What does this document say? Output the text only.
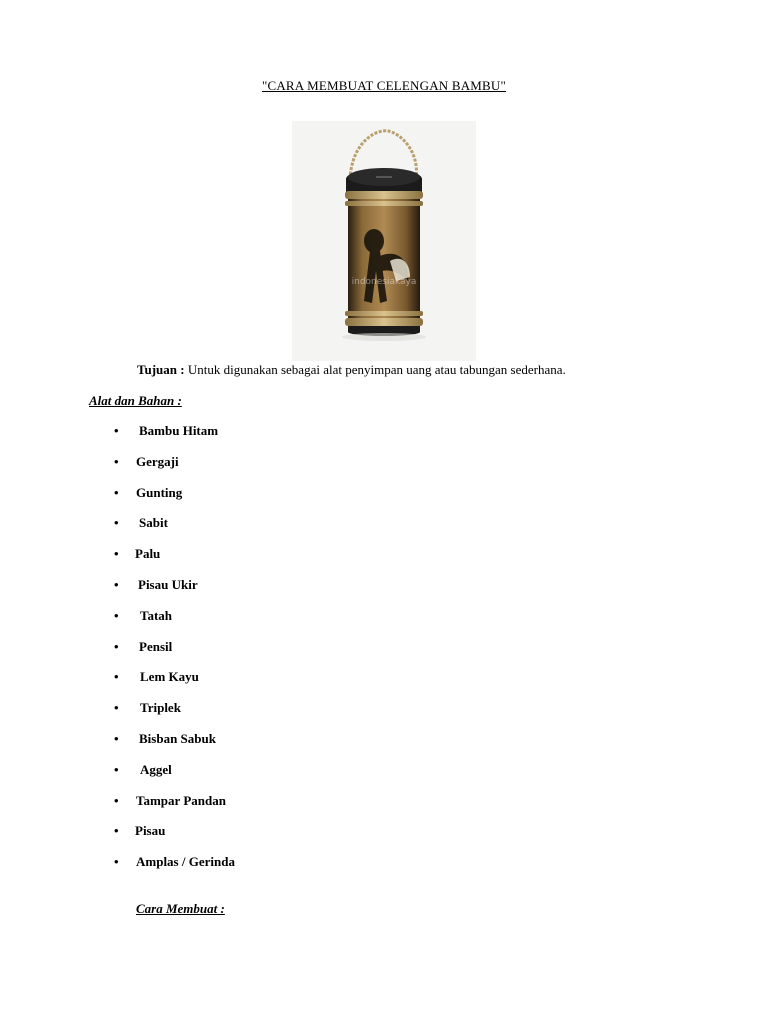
"CARA MEMBUAT CELENGAN BAMBU"
indonesiakaya
Tujuan : Untuk digunakan sebagai alat penyimpan uang atau tabungan sederhana.
Alat dan Bahan :
• Bambu Hitam
• Gergaji
• Gunting
• Sabit
• Palu
• Pisau Ukir
• Tatah
• Pensil
• Lem Kayu
• Triplek
• Bisban Sabuk
• Aggel
• Tampar Pandan
• Pisau
• Amplas / Gerinda
Cara Membuat :
